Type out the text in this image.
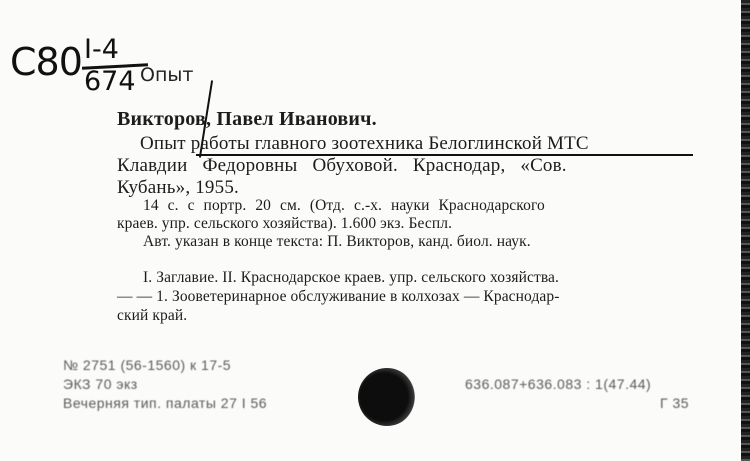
C80 I-4
674 Опыт
Викторов, Павел Иванович.
Опыт работы главного зоотехника Белоглинской МТС
Клавдии Федоровны Обуховой. Краснодар, «Сов.
Кубань», 1955.
14 с. с портр. 20 см. (Отд. с.-х. науки Краснодарского
краев. упр. сельского хозяйства). 1.600 экз. Беспл.
Авт. указан в конце текста: П. Викторов, канд. биол. наук.
I. Заглавие. II. Краснодарское краев. упр. сельского хозяйства.
— — 1. Зооветеринарное обслуживание в колхозах — Краснодар-
ский край.
№ 2751 (56-1560) к 17-5
ЭКЗ 70 экз
Вечерняя тип. палаты 27 I 56
636.087+636.083 : 1(47.44)
Г 35
